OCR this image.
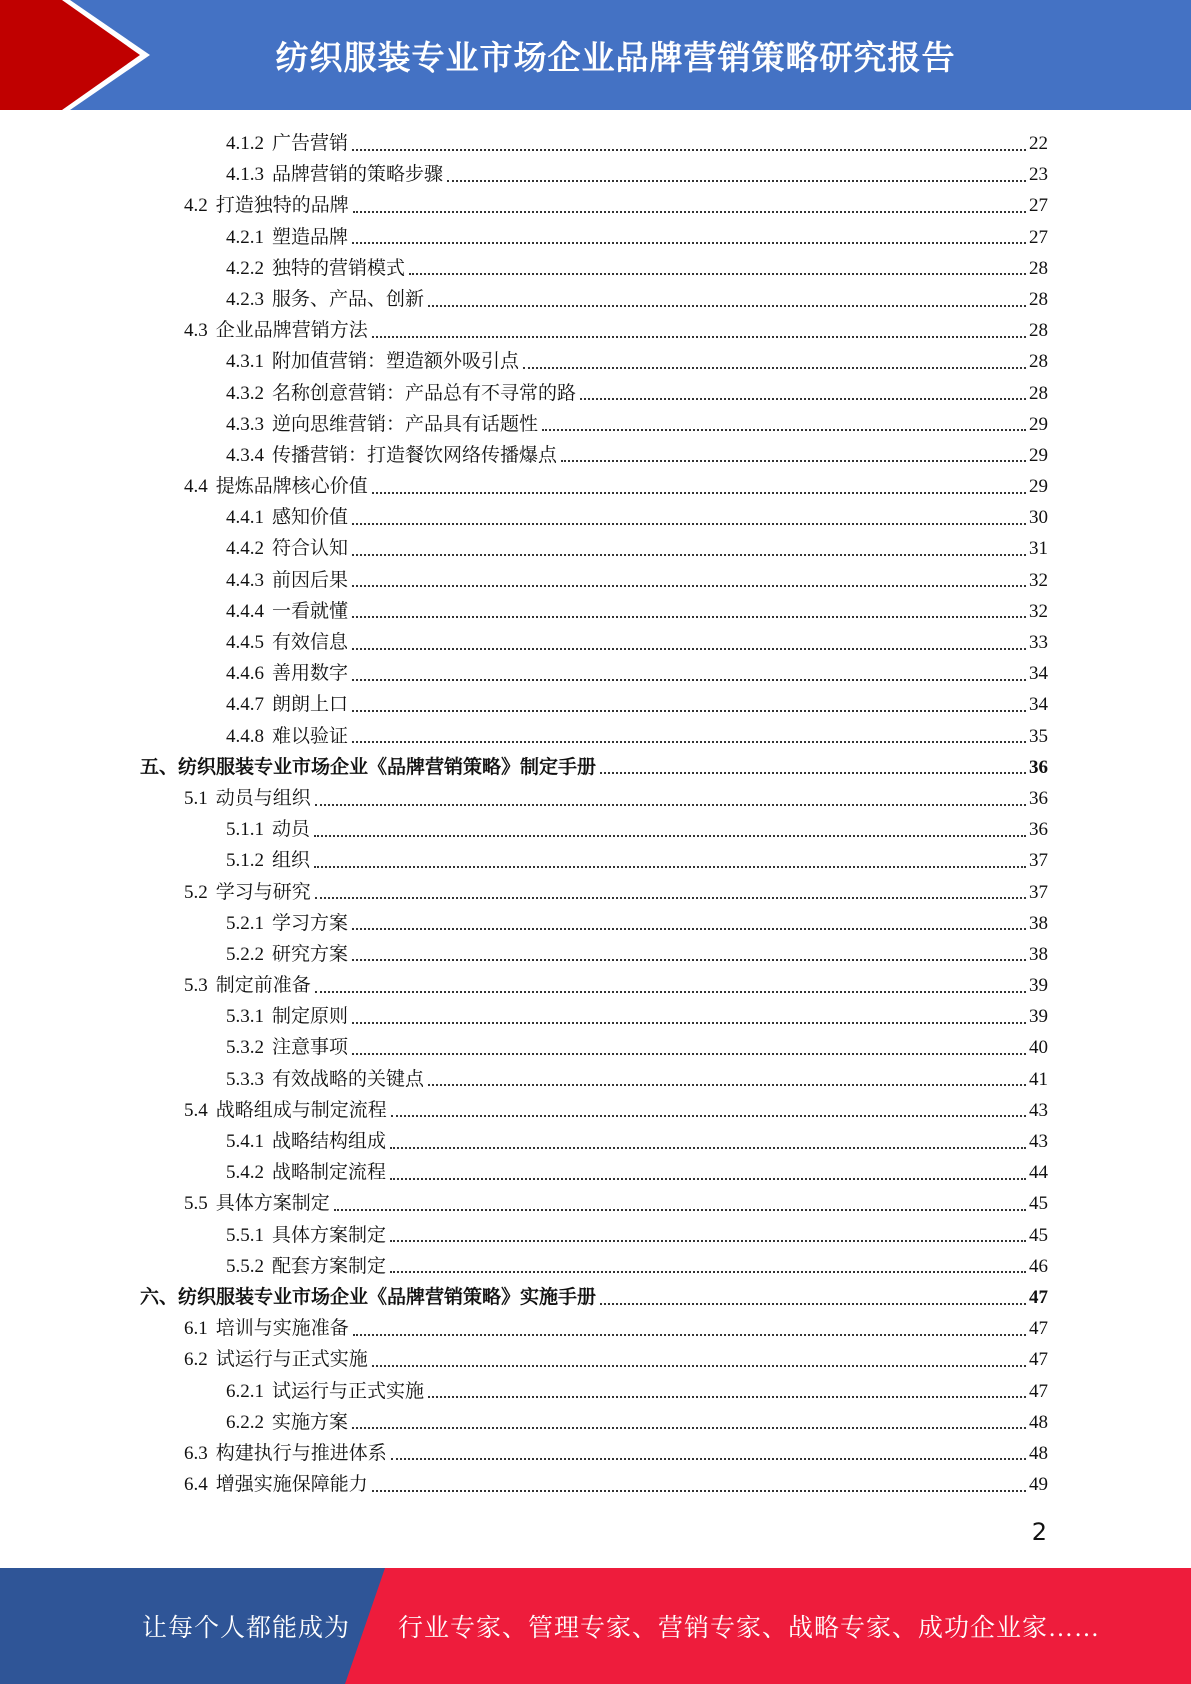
纺织服装专业市场企业品牌营销策略研究报告
4.1.2 广告营销	22
4.1.3 品牌营销的策略步骤	23
4.2 打造独特的品牌	27
4.2.1 塑造品牌	27
4.2.2 独特的营销模式	28
4.2.3 服务、产品、创新	28
4.3 企业品牌营销方法	28
4.3.1 附加值营销：塑造额外吸引点	28
4.3.2 名称创意营销：产品总有不寻常的路	28
4.3.3 逆向思维营销：产品具有话题性	29
4.3.4 传播营销：打造餐饮网络传播爆点	29
4.4 提炼品牌核心价值	29
4.4.1 感知价值	30
4.4.2 符合认知	31
4.4.3 前因后果	32
4.4.4 一看就懂	32
4.4.5 有效信息	33
4.4.6 善用数字	34
4.4.7 朗朗上口	34
4.4.8 难以验证	35
五、纺织服装专业市场企业《品牌营销策略》制定手册	36
5.1 动员与组织	36
5.1.1 动员	36
5.1.2 组织	37
5.2 学习与研究	37
5.2.1 学习方案	38
5.2.2 研究方案	38
5.3 制定前准备	39
5.3.1 制定原则	39
5.3.2 注意事项	40
5.3.3 有效战略的关键点	41
5.4 战略组成与制定流程	43
5.4.1 战略结构组成	43
5.4.2 战略制定流程	44
5.5 具体方案制定	45
5.5.1 具体方案制定	45
5.5.2 配套方案制定	46
六、纺织服装专业市场企业《品牌营销策略》实施手册	47
6.1 培训与实施准备	47
6.2 试运行与正式实施	47
6.2.1 试运行与正式实施	47
6.2.2 实施方案	48
6.3 构建执行与推进体系	48
6.4 增强实施保障能力	49
2
让每个人都能成为 行业专家、管理专家、营销专家、战略专家、成功企业家……
